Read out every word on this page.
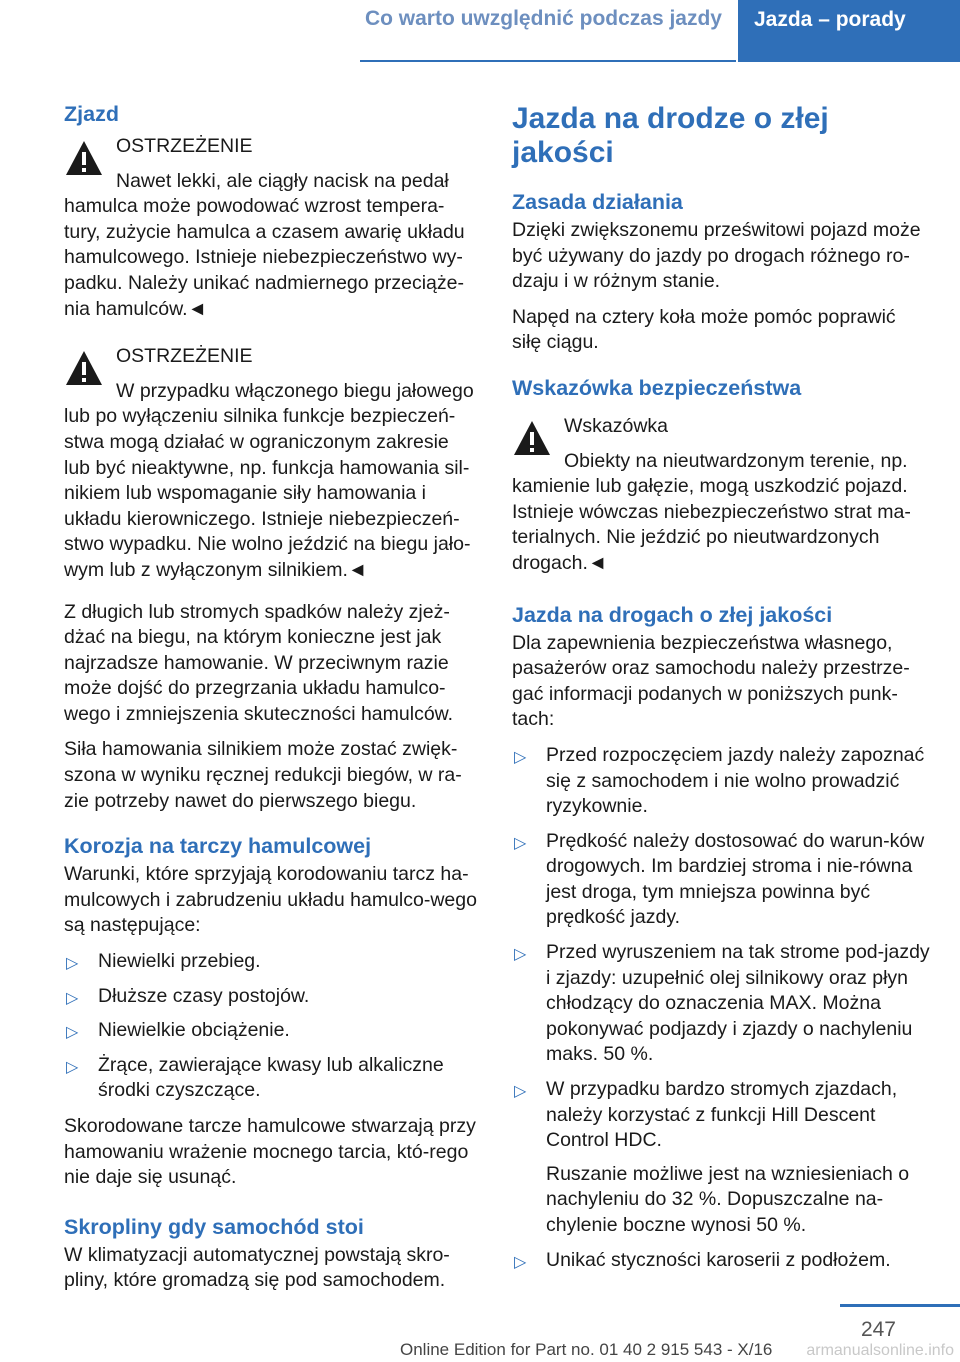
Co warto uwzględnić podczas jazdy	Jazda – porady
Zjazd
OSTRZEŻENIE
Nawet lekki, ale ciągły nacisk na pedał hamulca może powodować wzrost tempera-tury, zużycie hamulca a czasem awarię układu hamulcowego. Istnieje niebezpieczeństwo wy-padku. Należy unikać nadmiernego przeciąże-nia hamulców.◄
OSTRZEŻENIE
W przypadku włączonego biegu jałowego lub po wyłączeniu silnika funkcje bezpieczeń-stwa mogą działać w ograniczonym zakresie lub być nieaktywne, np. funkcja hamowania sil-nikiem lub wspomaganie siły hamowania i układu kierowniczego. Istnieje niebezpieczeń-stwo wypadku. Nie wolno jeździć na biegu jało-wym lub z wyłączonym silnikiem.◄

Z długich lub stromych spadków należy zjeż-dżać na biegu, na którym konieczne jest jak najrzadsze hamowanie. W przeciwnym razie może dojść do przegrzania układu hamulco-wego i zmniejszenia skuteczności hamulców.

Siła hamowania silnikiem może zostać zwięk-szona w wyniku ręcznej redukcji biegów, w ra-zie potrzeby nawet do pierwszego biegu.

Korozja na tarczy hamulcowej

Warunki, które sprzyjają korodowaniu tarcz ha-mulcowych i zabrudzeniu układu hamulco-wego są następujące:

▷ Niewielki przebieg.
▷ Dłuższe czasy postojów.
▷ Niewielkie obciążenie.
▷ Żrące, zawierające kwasy lub alkaliczne środki czyszczące.

Skorodowane tarcze hamulcowe stwarzają przy hamowaniu wrażenie mocnego tarcia, któ-rego nie daje się usunąć.

Skropliny gdy samochód stoi

W klimatyzacji automatycznej powstają skro-pliny, które gromadzą się pod samochodem.

Jazda na drodze o złej jakości
Zasada działania

Dzięki zwiększonemu prześwitowi pojazd może być używany do jazdy po drogach różnego ro-dzaju i w różnym stanie.

Napęd na cztery koła może pomóc poprawić siłę ciągu.

Wskazówka bezpieczeństwa
Wskazówka
Obiekty na nieutwardzonym terenie, np. kamienie lub gałęzie, mogą uszkodzić pojazd. Istnieje wówczas niebezpieczeństwo strat ma-terialnych. Nie jeździć po nieutwardzonych drogach.◄
Jazda na drogach o złej jakości

Dla zapewnienia bezpieczeństwa własnego, pasażerów oraz samochodu należy przestrze-gać informacji podanych w poniższych punk-tach:

▷ Przed rozpoczęciem jazdy należy zapoznać się z samochodem i nie wolno prowadzić ryzykownie.
▷ Prędkość należy dostosować do warun-ków drogowych. Im bardziej stroma i nie-równa jest droga, tym mniejsza powinna być prędkość jazdy.
▷ Przed wyruszeniem na tak strome pod-jazdy i zjazdy: uzupełnić olej silnikowy oraz płyn chłodzący do oznaczenia MAX. Można pokonywać podjazdy i zjazdy o nachyleniu maks. 50 %.
▷ W przypadku bardzo stromych zjazdach, należy korzystać z funkcji Hill Descent Control HDC.
Ruszanie możliwe jest na wzniesieniach o nachyleniu do 32 %. Dopuszczalne na-chylenie boczne wynosi 50 %.
▷ Unikać styczności karoserii z podłożem.
247
Online Edition for Part no. 01 40 2 915 543 - X/16 armanualsonline.info
